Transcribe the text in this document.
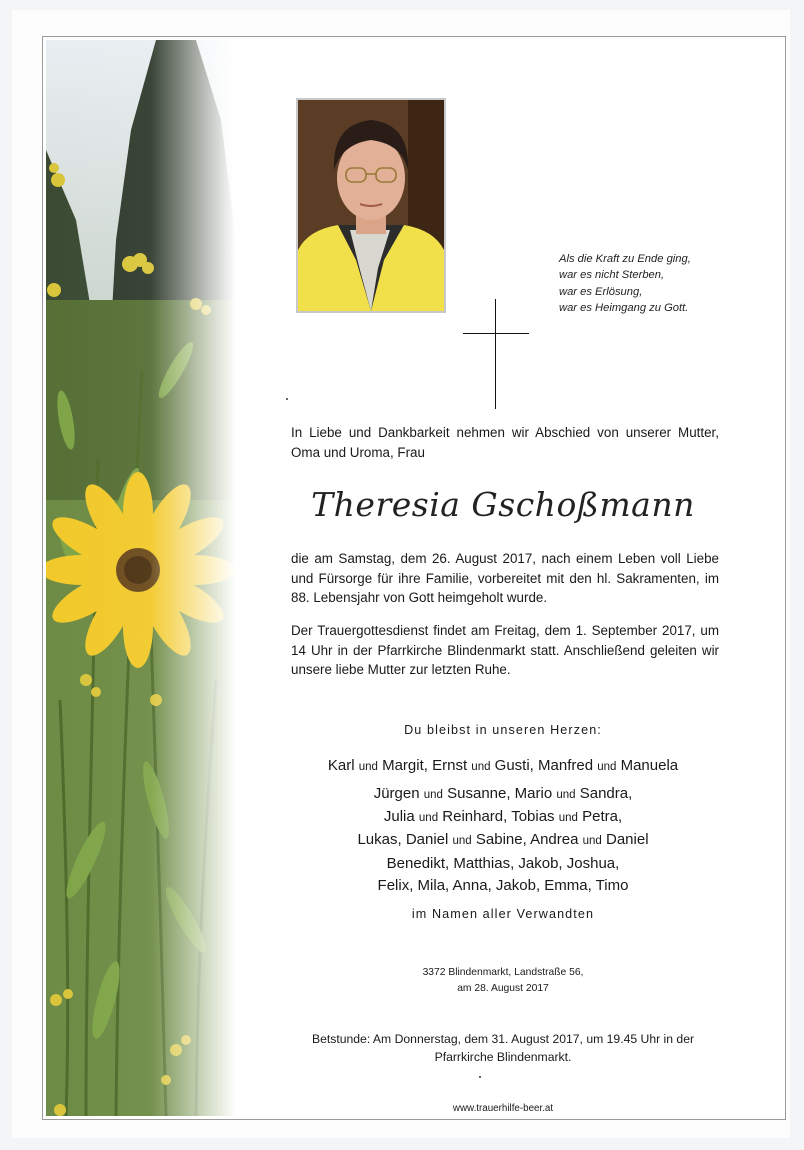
Als die Kraft zu Ende ging,
war es nicht Sterben,
war es Erlösung,
war es Heimgang zu Gott.
In Liebe und Dankbarkeit nehmen wir Abschied von unserer Mutter, Oma und Uroma, Frau
Theresia Gschoßmann
die am Samstag, dem 26. August 2017, nach einem Leben voll Liebe und Fürsorge für ihre Familie, vorbereitet mit den hl. Sakramenten, im 88. Lebensjahr von Gott heimgeholt wurde.
Der Trauergottesdienst findet am Freitag, dem 1. September 2017, um 14 Uhr in der Pfarrkirche Blindenmarkt statt. Anschließend geleiten wir unsere liebe Mutter zur letzten Ruhe.
Du bleibst in unseren Herzen:
Karl und Margit, Ernst und Gusti, Manfred und Manuela
Jürgen und Susanne, Mario und Sandra,
Julia und Reinhard, Tobias und Petra,
Lukas, Daniel und Sabine, Andrea und Daniel
Benedikt, Matthias, Jakob, Joshua,
Felix, Mila, Anna, Jakob, Emma, Timo
im Namen aller Verwandten
3372 Blindenmarkt, Landstraße 56,
am 28. August 2017
Betstunde: Am Donnerstag, dem 31. August 2017, um 19.45 Uhr in der
Pfarrkirche Blindenmarkt.
www.trauerhilfe-beer.at
